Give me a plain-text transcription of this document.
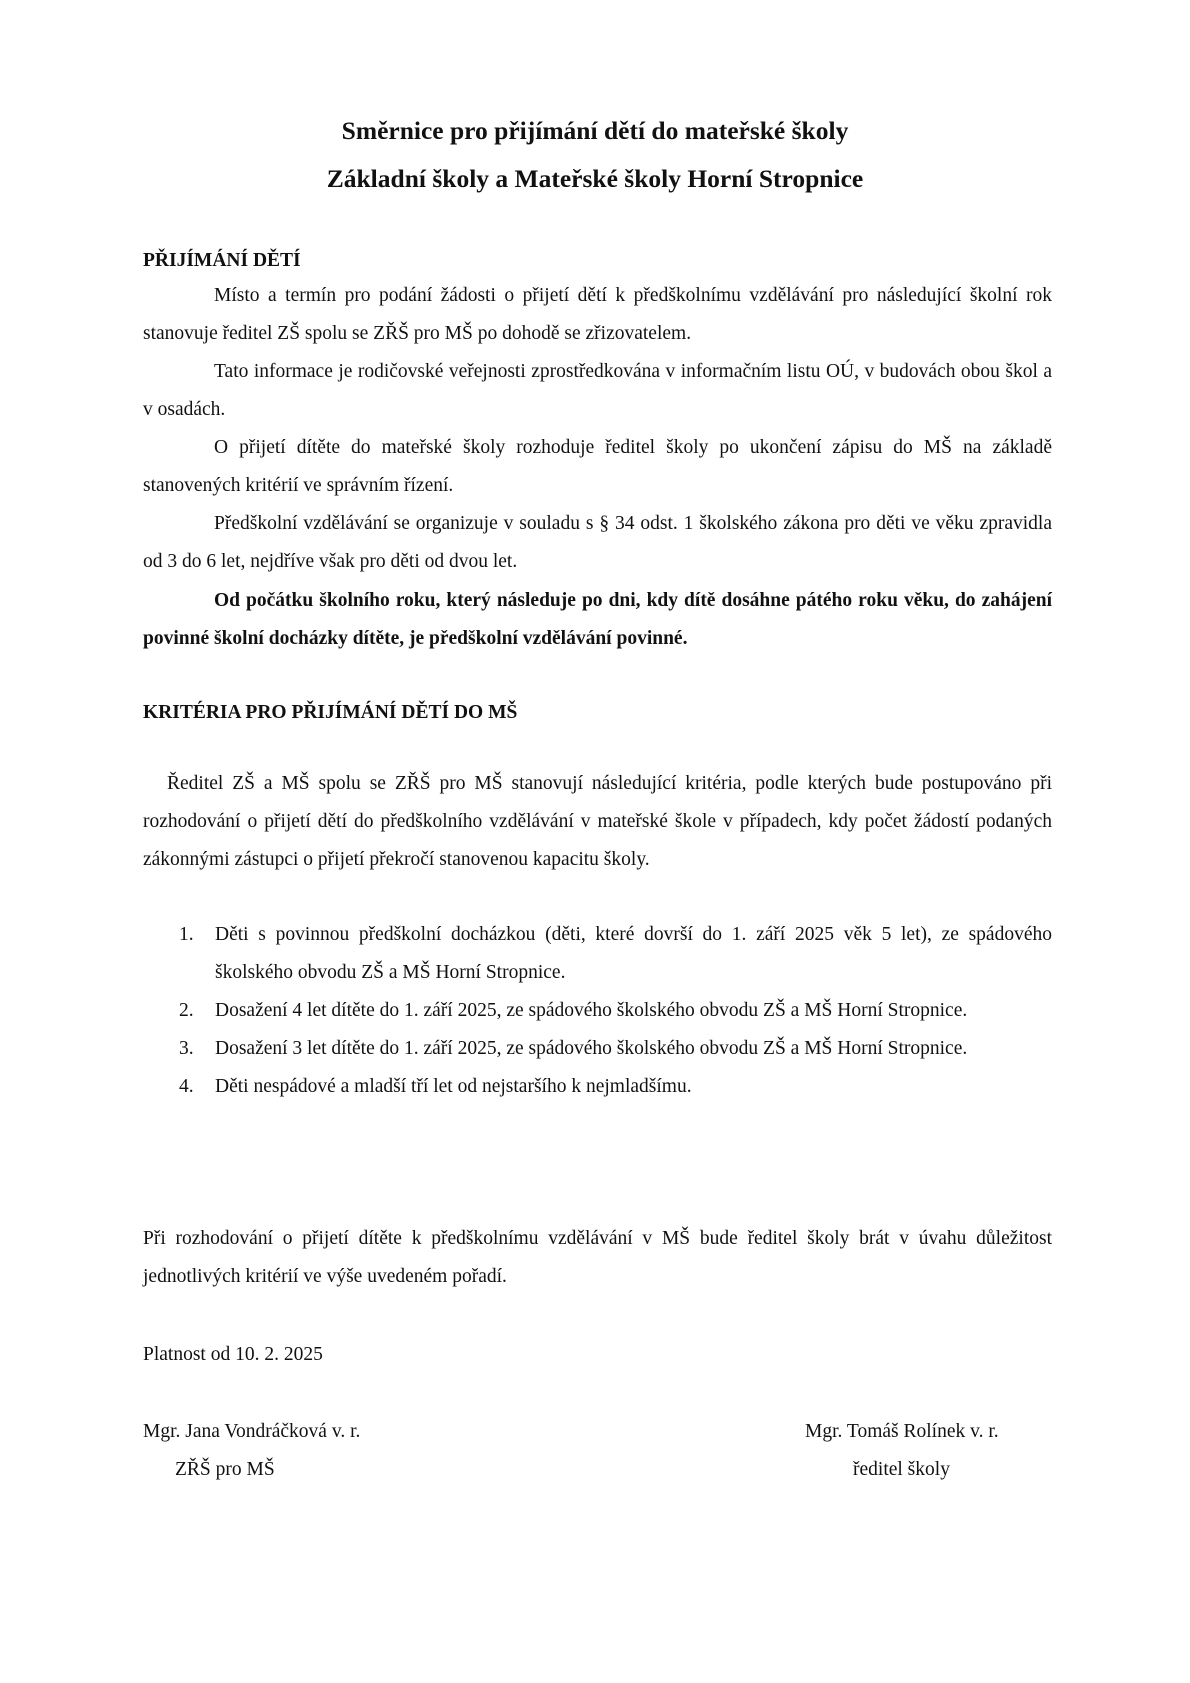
Směrnice pro přijímání dětí do mateřské školy
Základní školy a Mateřské školy Horní Stropnice
PŘIJÍMÁNÍ DĚTÍ
Místo a termín pro podání žádosti o přijetí dětí k předškolnímu vzdělávání pro následující školní rok stanovuje ředitel ZŠ spolu se ZŘŠ pro MŠ po dohodě se zřizovatelem.
Tato informace je rodičovské veřejnosti zprostředkována v informačním listu OÚ, v budovách obou škol a v osadách.
O přijetí dítěte do mateřské školy rozhoduje ředitel školy po ukončení zápisu do MŠ na základě stanovených kritérií ve správním řízení.
Předškolní vzdělávání se organizuje v souladu s § 34 odst. 1 školského zákona pro děti ve věku zpravidla od 3 do 6 let, nejdříve však pro děti od dvou let.
Od počátku školního roku, který následuje po dni, kdy dítě dosáhne pátého roku věku, do zahájení povinné školní docházky dítěte, je předškolní vzdělávání povinné.
KRITÉRIA PRO PŘIJÍMÁNÍ DĚTÍ DO MŠ
Ředitel ZŠ a MŠ spolu se ZŘŠ pro MŠ stanovují následující kritéria, podle kterých bude postupováno při rozhodování o přijetí dětí do předškolního vzdělávání v mateřské škole v případech, kdy počet žádostí podaných zákonnými zástupci o přijetí překročí stanovenou kapacitu školy.
1. Děti s povinnou předškolní docházkou (děti, které dovrší do 1. září 2025 věk 5 let), ze spádového školského obvodu ZŠ a MŠ Horní Stropnice.
2. Dosažení 4 let dítěte do 1. září 2025, ze spádového školského obvodu ZŠ a MŠ Horní Stropnice.
3. Dosažení 3 let dítěte do 1. září 2025, ze spádového školského obvodu ZŠ a MŠ Horní Stropnice.
4. Děti nespádové a mladší tří let od nejstaršího k nejmladšímu.
Při rozhodování o přijetí dítěte k předškolnímu vzdělávání v MŠ bude ředitel školy brát v úvahu důležitost jednotlivých kritérií ve výše uvedeném pořadí.
Platnost od 10. 2. 2025
Mgr. Jana Vondráčková v. r.
ZŘŠ pro MŠ
Mgr. Tomáš Rolínek v. r.
ředitel školy
